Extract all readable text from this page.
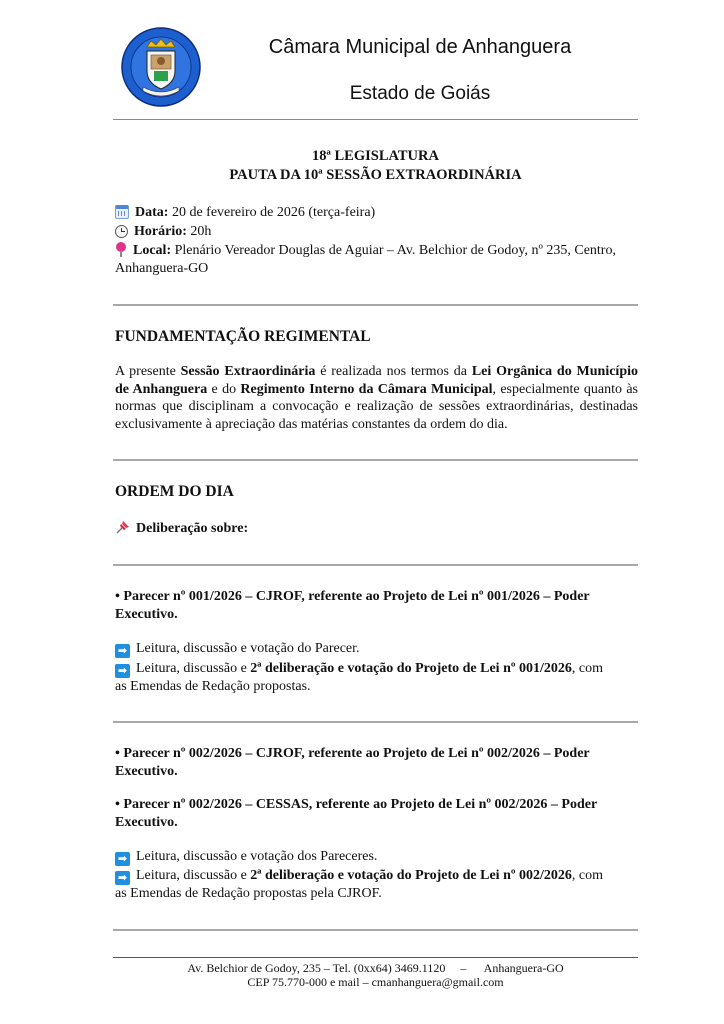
Câmara Municipal de Anhanguera
Estado de Goiás
18ª LEGISLATURA
PAUTA DA 10ª SESSÃO EXTRAORDINÁRIA
Data: 20 de fevereiro de 2026 (terça-feira)
Horário: 20h
Local: Plenário Vereador Douglas de Aguiar – Av. Belchior de Godoy, nº 235, Centro,
Anhanguera-GO
FUNDAMENTAÇÃO REGIMENTAL
A presente Sessão Extraordinária é realizada nos termos da Lei Orgânica do Município de Anhanguera e do Regimento Interno da Câmara Municipal, especialmente quanto às normas que disciplinam a convocação e realização de sessões extraordinárias, destinadas exclusivamente à apreciação das matérias constantes da ordem do dia.
ORDEM DO DIA
Deliberação sobre:
• Parecer nº 001/2026 – CJROF, referente ao Projeto de Lei nº 001/2026 – Poder
Executivo.
➡ Leitura, discussão e votação do Parecer.
➡ Leitura, discussão e 2ª deliberação e votação do Projeto de Lei nº 001/2026, com
as Emendas de Redação propostas.
• Parecer nº 002/2026 – CJROF, referente ao Projeto de Lei nº 002/2026 – Poder
Executivo.
• Parecer nº 002/2026 – CESSAS, referente ao Projeto de Lei nº 002/2026 – Poder
Executivo.
➡ Leitura, discussão e votação dos Pareceres.
➡ Leitura, discussão e 2ª deliberação e votação do Projeto de Lei nº 002/2026, com
as Emendas de Redação propostas pela CJROF.
Av. Belchior de Godoy, 235 – Tel. (0xx64) 3469.1120     –      Anhanguera-GO
CEP 75.770-000 e mail – cmanhanguera@gmail.com
